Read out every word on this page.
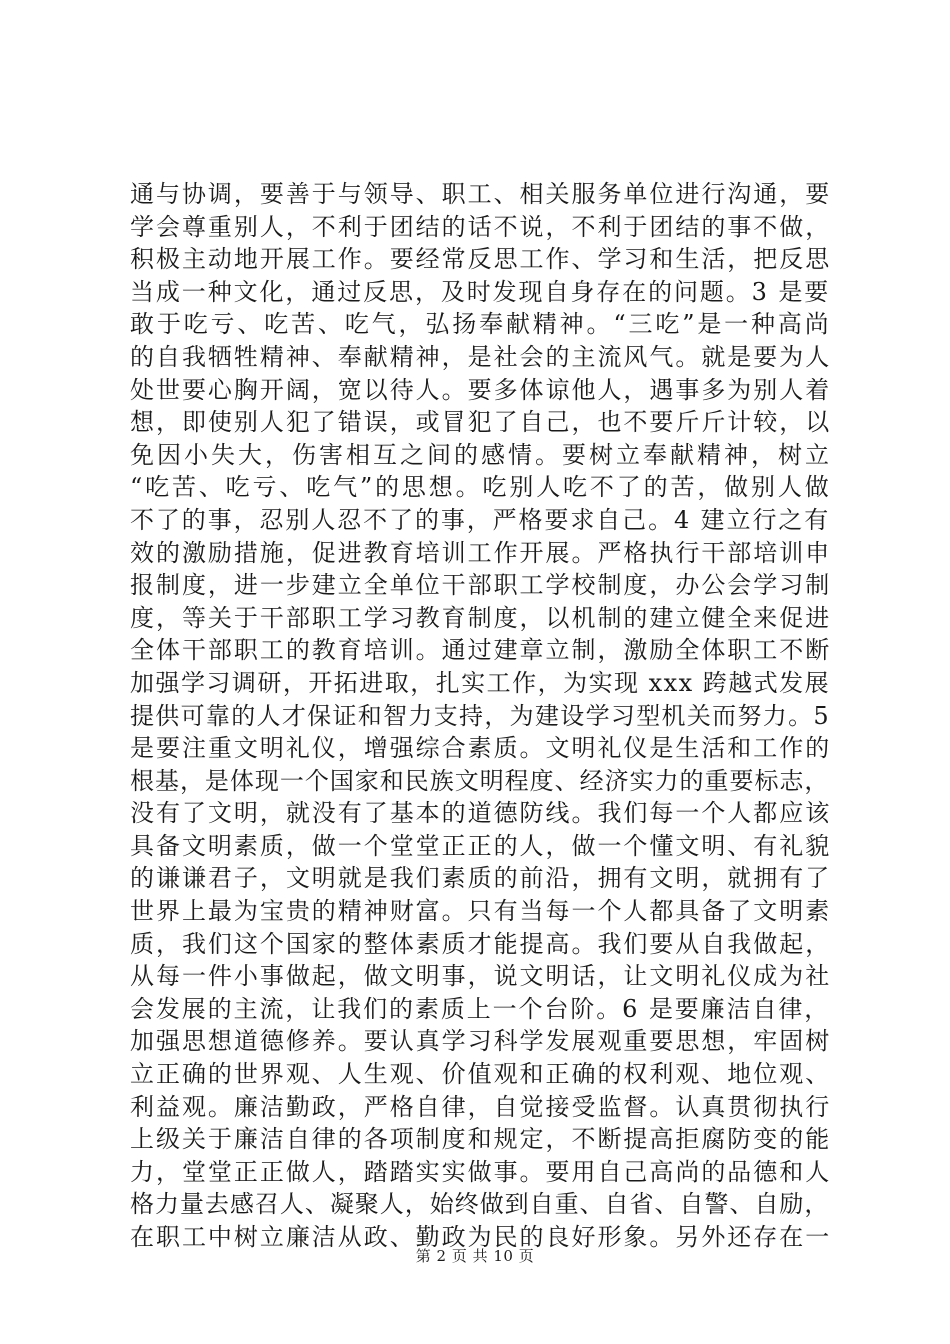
通与协调，要善于与领导、职工、相关服务单位进行沟通，要
学会尊重别人，不利于团结的话不说，不利于团结的事不做，
积极主动地开展工作。要经常反思工作、学习和生活，把反思
当成一种文化，通过反思，及时发现自身存在的问题。3 是要
敢于吃亏、吃苦、吃气，弘扬奉献精神。“三吃”是一种高尚
的自我牺牲精神、奉献精神，是社会的主流风气。就是要为人
处世要心胸开阔，宽以待人。要多体谅他人，遇事多为别人着
想，即使别人犯了错误，或冒犯了自己，也不要斤斤计较，以
免因小失大，伤害相互之间的感情。要树立奉献精神，树立
“吃苦、吃亏、吃气”的思想。吃别人吃不了的苦，做别人做
不了的事，忍别人忍不了的事，严格要求自己。4 建立行之有
效的激励措施，促进教育培训工作开展。严格执行干部培训申
报制度，进一步建立全单位干部职工学校制度，办公会学习制
度，等关于干部职工学习教育制度，以机制的建立健全来促进
全体干部职工的教育培训。通过建章立制，激励全体职工不断
加强学习调研，开拓进取，扎实工作，为实现 xxx 跨越式发展
提供可靠的人才保证和智力支持，为建设学习型机关而努力。5
是要注重文明礼仪，增强综合素质。文明礼仪是生活和工作的
根基，是体现一个国家和民族文明程度、经济实力的重要标志，
没有了文明，就没有了基本的道德防线。我们每一个人都应该
具备文明素质，做一个堂堂正正的人，做一个懂文明、有礼貌
的谦谦君子，文明就是我们素质的前沿，拥有文明，就拥有了
世界上最为宝贵的精神财富。只有当每一个人都具备了文明素
质，我们这个国家的整体素质才能提高。我们要从自我做起，
从每一件小事做起，做文明事，说文明话，让文明礼仪成为社
会发展的主流，让我们的素质上一个台阶。6 是要廉洁自律，
加强思想道德修养。要认真学习科学发展观重要思想，牢固树
立正确的世界观、人生观、价值观和正确的权利观、地位观、
利益观。廉洁勤政，严格自律，自觉接受监督。认真贯彻执行
上级关于廉洁自律的各项制度和规定，不断提高拒腐防变的能
力，堂堂正正做人，踏踏实实做事。要用自己高尚的品德和人
格力量去感召人、凝聚人，始终做到自重、自省、自警、自励，
在职工中树立廉洁从政、勤政为民的良好形象。另外还存在一
第 2 页 共 10 页
